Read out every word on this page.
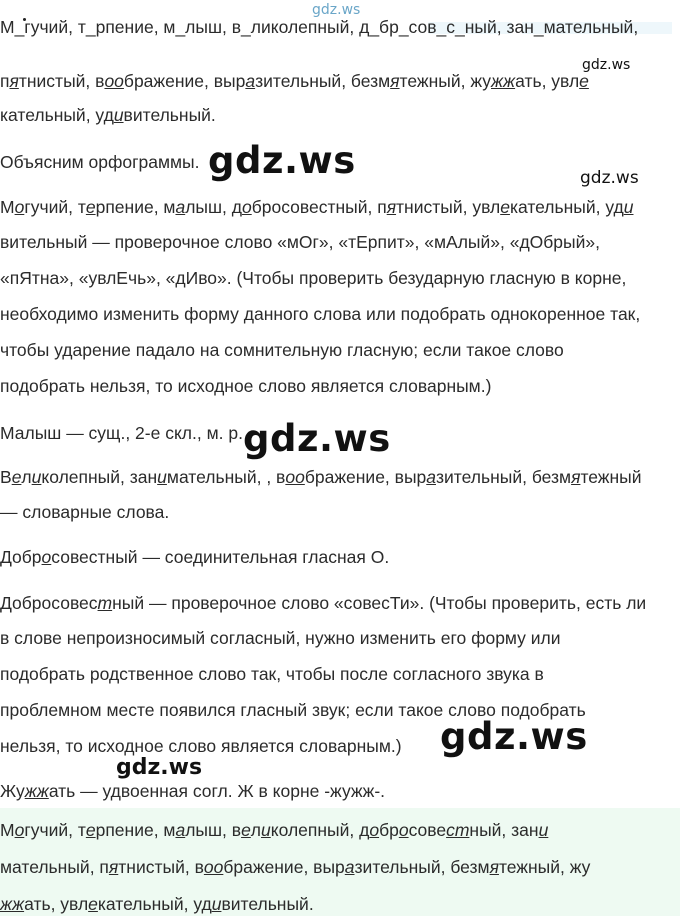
М_гучий, т_рпение, м_лыш, в_ликолепный, д_бр_сов_с_ный, зан_мательный,
пятнистый, воображение, выразительный, безмятежный, жужжать, увле
кательный, удивительный.
Объясним орфограммы.
Могучий, терпение, малыш, добросовестный, пятнистый, увлекательный, уди
вительный — проверочное слово «мОг», «тЕрпит», «мАлый», «дОбрый»,
«пЯтна», «увлЕчь», «дИво». (Чтобы проверить безударную гласную в корне,
необходимо изменить форму данного слова или подобрать однокоренное так,
чтобы ударение падало на сомнительную гласную; если такое слово
подобрать нельзя, то исходное слово является словарным.)
Малыш — сущ., 2-е скл., м. р.
Великолепный, занимательный, , воображение, выразительный, безмятежный
— словарные слова.
Добросовестный — соединительная гласная О.
Добросовестный — проверочное слово «совесТи». (Чтобы проверить, есть ли
в слове непроизносимый согласный, нужно изменить его форму или
подобрать родственное слово так, чтобы после согласного звука в
проблемном месте появился гласный звук; если такое слово подобрать
нельзя, то исходное слово является словарным.)
Жужжать — удвоенная согл. Ж в корне -жужж-.
Могучий, терпение, малыш, великолепный, добросовестный, зани
мательный, пятнистый, воображение, выразительный, безмятежный, жу
жжать, увлекательный, удивительный.
gdz.ws
gdz.ws
gdz.ws	gdz.ws
gdz.ws
gdz.ws
gdz.ws
